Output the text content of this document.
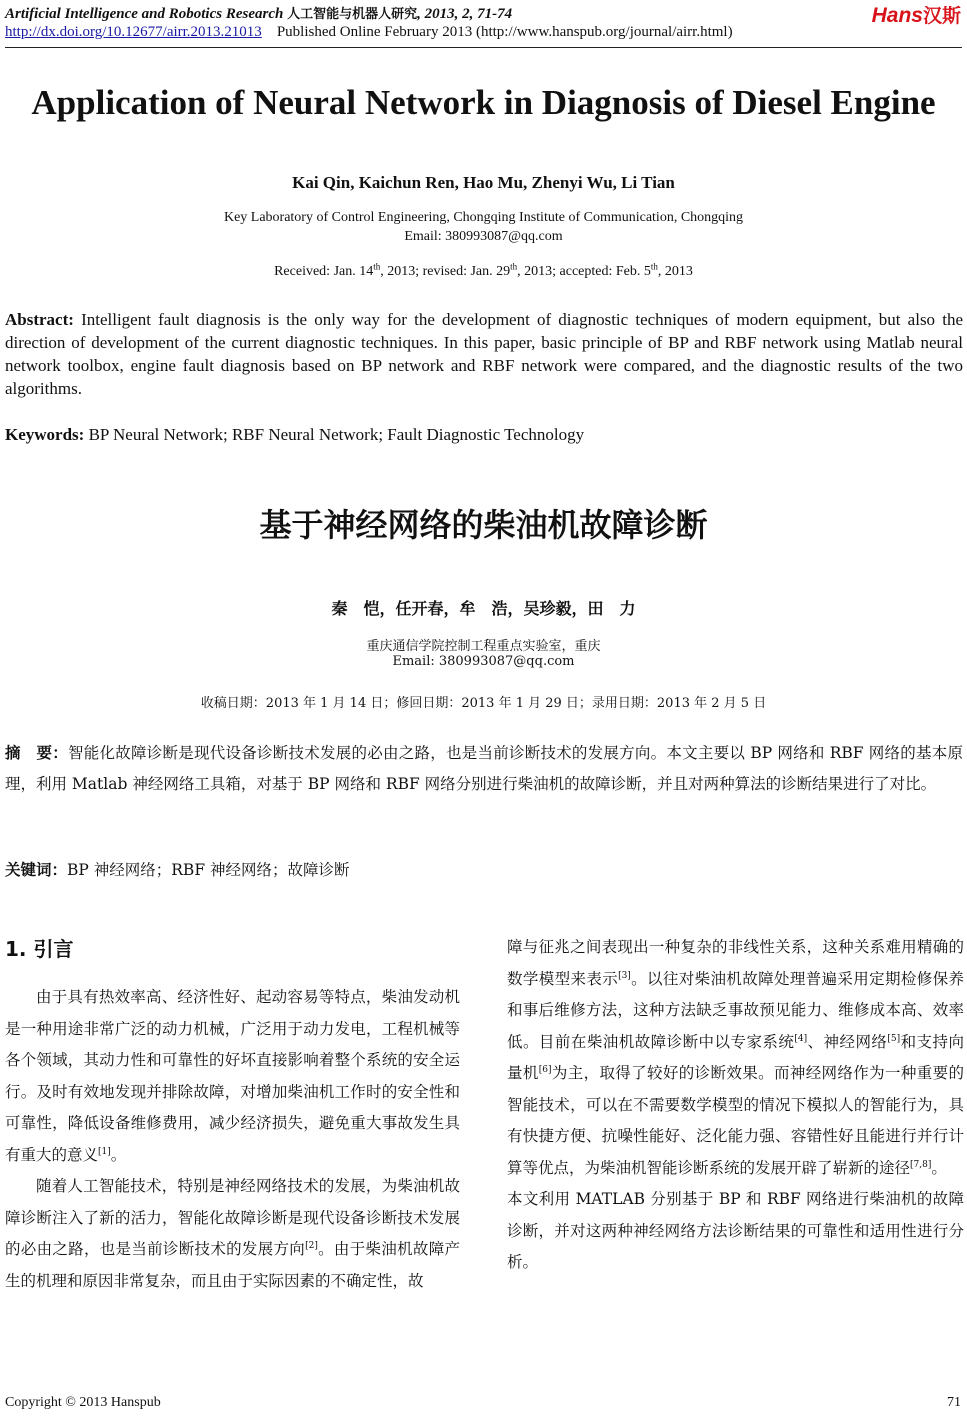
Artificial Intelligence and Robotics Research 人工智能与机器人研究, 2013, 2, 71-74	Hans汉斯
http://dx.doi.org/10.12677/airr.2013.21013 Published Online February 2013 (http://www.hanspub.org/journal/airr.html)
Application of Neural Network in Diagnosis of Diesel Engine
Kai Qin, Kaichun Ren, Hao Mu, Zhenyi Wu, Li Tian
Key Laboratory of Control Engineering, Chongqing Institute of Communication, Chongqing
Email: 380993087@qq.com
Received: Jan. 14th, 2013; revised: Jan. 29th, 2013; accepted: Feb. 5th, 2013
Abstract: Intelligent fault diagnosis is the only way for the development of diagnostic techniques of modern equipment, but also the direction of development of the current diagnostic techniques. In this paper, basic principle of BP and RBF network using Matlab neural network toolbox, engine fault diagnosis based on BP network and RBF network were compared, and the diagnostic results of the two algorithms.
Keywords: BP Neural Network; RBF Neural Network; Fault Diagnostic Technology
基于神经网络的柴油机故障诊断
秦　恺，任开春，牟　浩，吴珍毅，田　力
重庆通信学院控制工程重点实验室，重庆
Email: 380993087@qq.com
收稿日期：2013 年 1 月 14 日；修回日期：2013 年 1 月 29 日；录用日期：2013 年 2 月 5 日
摘　要：智能化故障诊断是现代设备诊断技术发展的必由之路，也是当前诊断技术的发展方向。本文主要以 BP 网络和 RBF 网络的基本原理，利用 Matlab 神经网络工具箱，对基于 BP 网络和 RBF 网络分别进行柴油机的故障诊断，并且对两种算法的诊断结果进行了对比。
关键词：BP 神经网络；RBF 神经网络；故障诊断
1. 引言

由于具有热效率高、经济性好、起动容易等特点，柴油发动机是一种用途非常广泛的动力机械，广泛用于动力发电，工程机械等各个领域，其动力性和可靠性的好坏直接影响着整个系统的安全运行。及时有效地发现并排除故障，对增加柴油机工作时的安全性和可靠性，降低设备维修费用，减少经济损失，避免重大事故发生具有重大的意义[1]。

随着人工智能技术，特别是神经网络技术的发展，为柴油机故障诊断注入了新的活力，智能化故障诊断是现代设备诊断技术发展的必由之路，也是当前诊断技术的发展方向[2]。由于柴油机故障产生的机理和原因非常复杂，而且由于实际因素的不确定性，故

障与征兆之间表现出一种复杂的非线性关系，这种关系难用精确的数学模型来表示[3]。以往对柴油机故障处理普遍采用定期检修保养和事后维修方法，这种方法缺乏事故预见能力、维修成本高、效率低。目前在柴油机故障诊断中以专家系统[4]、神经网络[5]和支持向量机[6]为主，取得了较好的诊断效果。而神经网络作为一种重要的智能技术，可以在不需要数学模型的情况下模拟人的智能行为，具有快捷方便、抗噪性能好、泛化能力强、容错性好且能进行并行计算等优点，为柴油机智能诊断系统的发展开辟了崭新的途径[7,8]。

本文利用 MATLAB 分别基于 BP 和 RBF 网络进行柴油机的故障诊断，并对这两种神经网络方法诊断结果的可靠性和适用性进行分析。

Copyright © 2013 Hanspub	71
